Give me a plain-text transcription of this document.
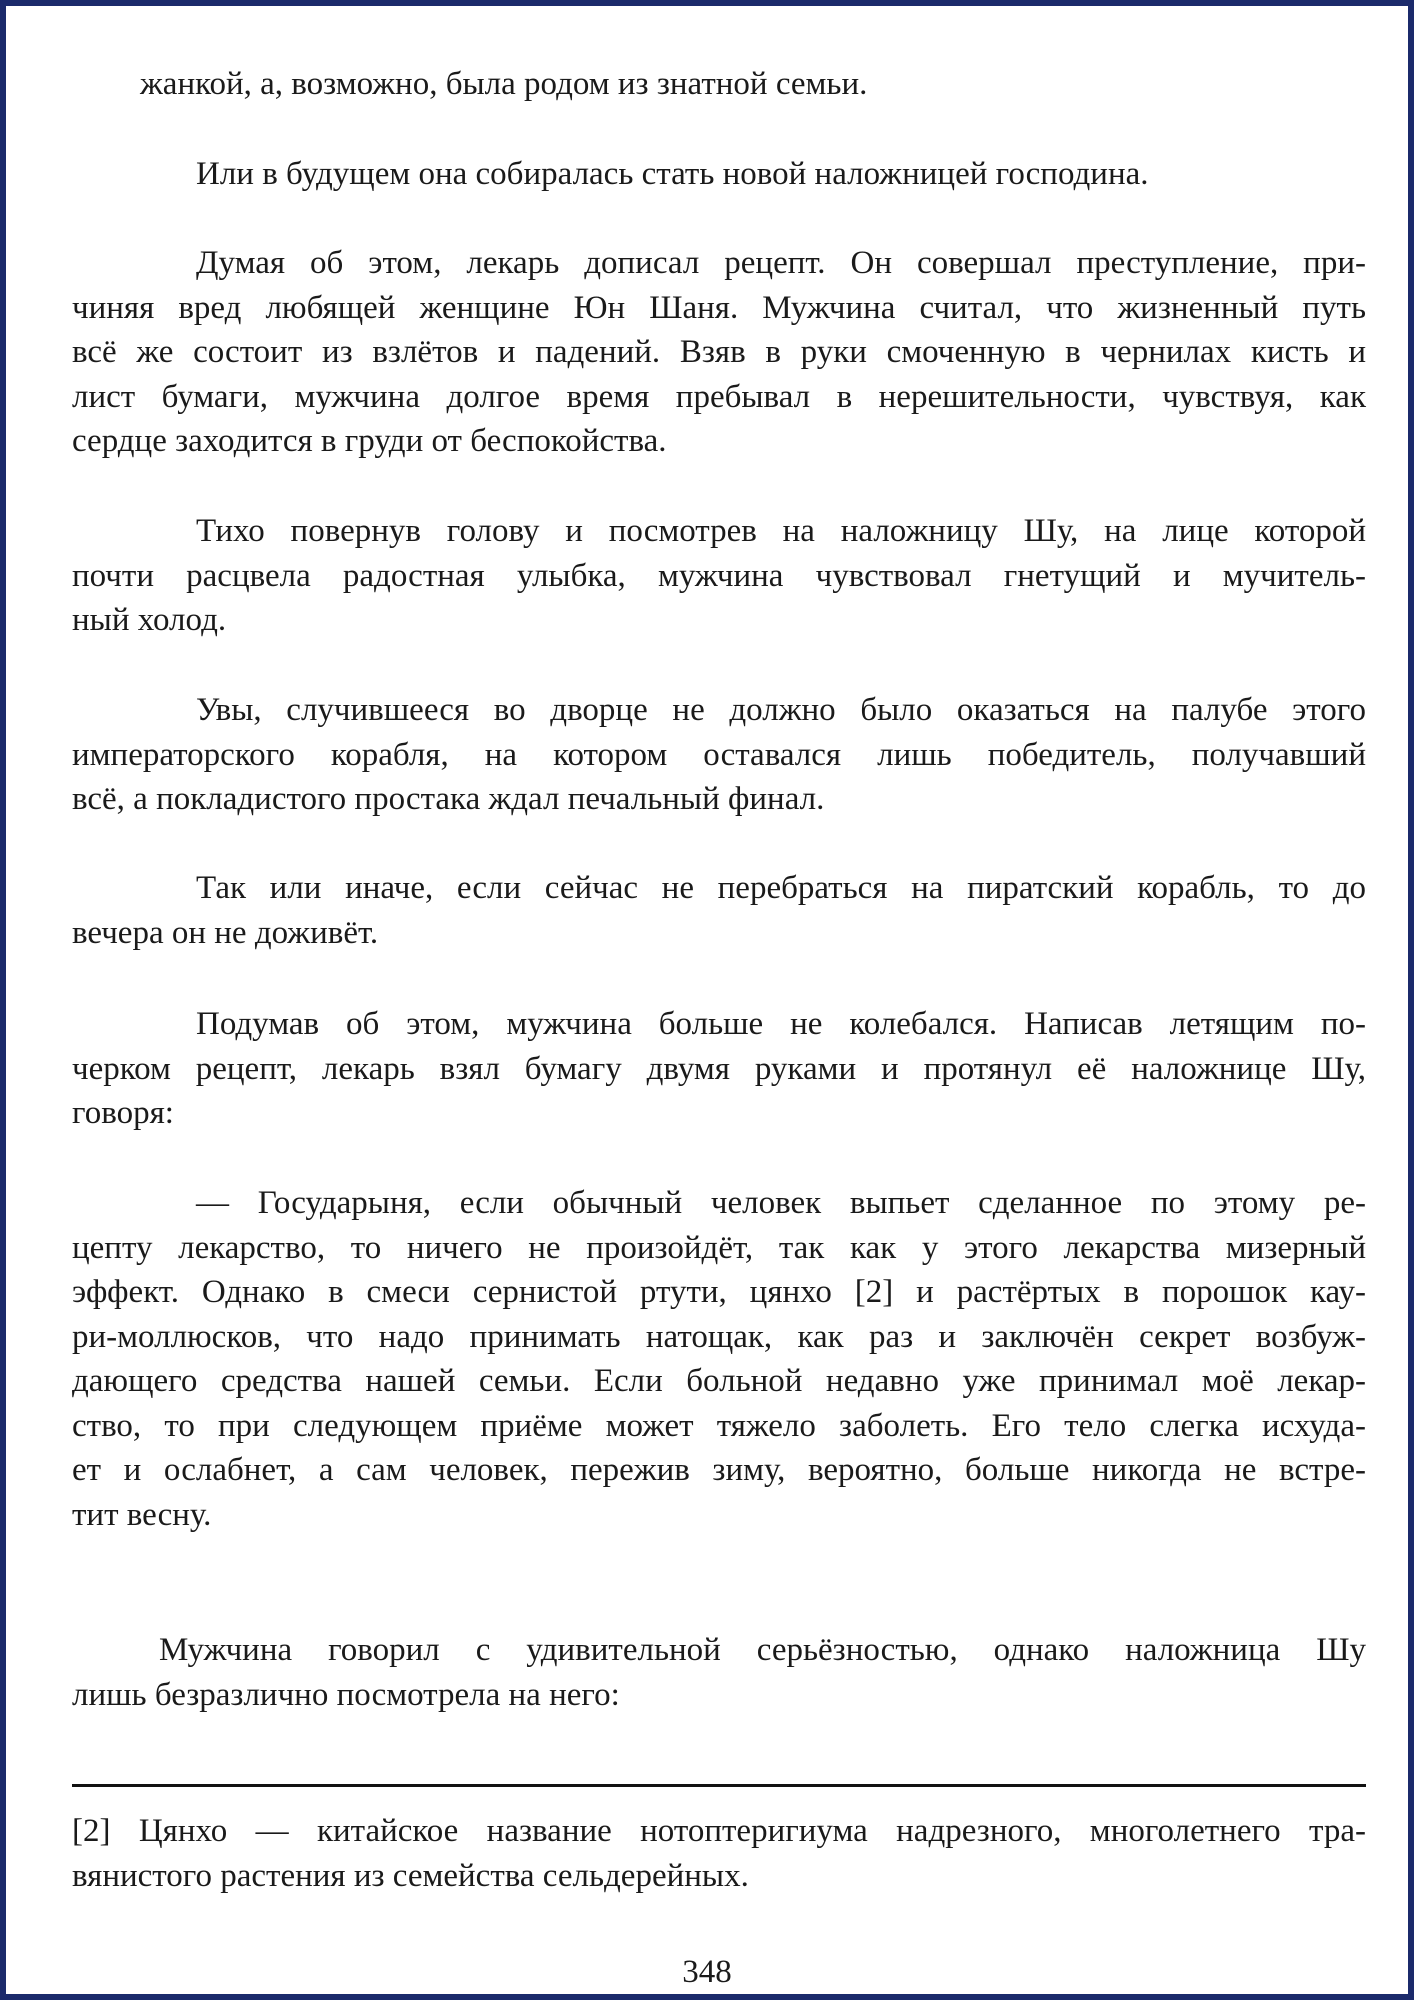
жанкой, а, возможно, была родом из знатной семьи.
Или в будущем она собиралась стать новой наложницей господина.
Думая об этом, лекарь дописал рецепт. Он совершал преступление, при-
чиняя вред любящей женщине Юн Шаня. Мужчина считал, что жизненный путь
всё же состоит из взлётов и падений. Взяв в руки смоченную в чернилах кисть и
лист бумаги, мужчина долгое время пребывал в нерешительности, чувствуя, как
сердце заходится в груди от беспокойства.
Тихо повернув голову и посмотрев на наложницу Шу, на лице которой
почти расцвела радостная улыбка, мужчина чувствовал гнетущий и мучитель-
ный холод.
Увы, случившееся во дворце не должно было оказаться на палубе этого
императорского корабля, на котором оставался лишь победитель, получавший
всё, а покладистого простака ждал печальный финал.
Так или иначе, если сейчас не перебраться на пиратский корабль, то до
вечера он не доживёт.
Подумав об этом, мужчина больше не колебался. Написав летящим по-
черком рецепт, лекарь взял бумагу двумя руками и протянул её наложнице Шу,
говоря:
— Государыня, если обычный человек выпьет сделанное по этому ре-
цепту лекарство, то ничего не произойдёт, так как у этого лекарства мизерный
эффект. Однако в смеси сернистой ртути, цянхо [2] и растёртых в порошок кау-
ри-моллюсков, что надо принимать натощак, как раз и заключён секрет возбуж-
дающего средства нашей семьи. Если больной недавно уже принимал моё лекар-
ство, то при следующем приёме может тяжело заболеть. Его тело слегка исхуда-
ет и ослабнет, а сам человек, пережив зиму, вероятно, больше никогда не встре-
тит весну.
Мужчина говорил с удивительной серьёзностью, однако наложница Шу
лишь безразлично посмотрела на него:
[2] Цянхо — китайское название нотоптеригиума надрезного, многолетнего тра-
вянистого растения из семейства сельдерейных.
348
